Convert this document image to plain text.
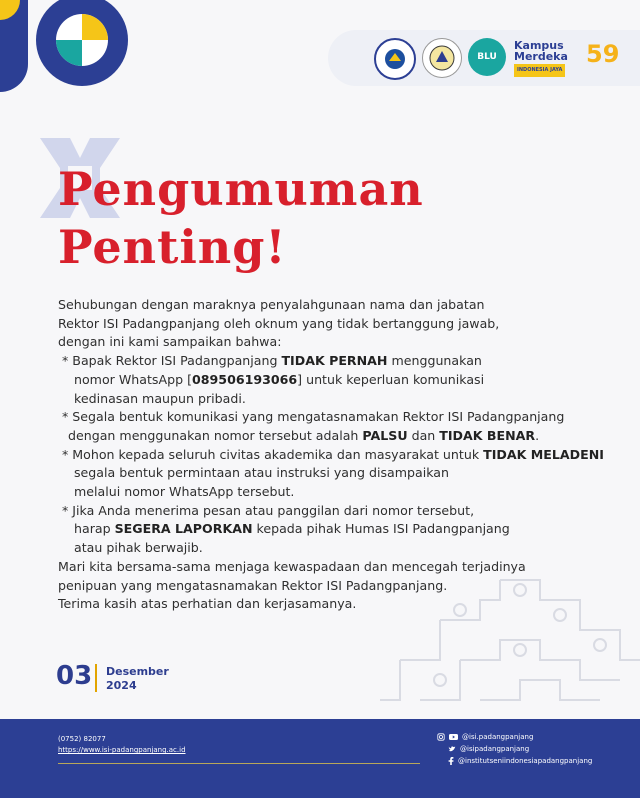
BLU
Kampus Merdeka INDONESIA JAYA
59
Pengumuman
Penting!

Sehubungan dengan maraknya penyalahgunaan nama dan jabatan

Rektor ISI Padangpanjang oleh oknum yang tidak bertanggung jawab,

dengan ini kami sampaikan bahwa:

* Bapak Rektor ISI Padangpanjang TIDAK PERNAH menggunakan

nomor WhatsApp [089506193066] untuk keperluan komunikasi

kedinasan maupun pribadi.

* Segala bentuk komunikasi yang mengatasnamakan Rektor ISI Padangpanjang

dengan menggunakan nomor tersebut adalah PALSU dan TIDAK BENAR.

* Mohon kepada seluruh civitas akademika dan masyarakat untuk TIDAK MELADENI

segala bentuk permintaan atau instruksi yang disampaikan

melalui nomor WhatsApp tersebut.

* Jika Anda menerima pesan atau panggilan dari nomor tersebut,

harap SEGERA LAPORKAN kepada pihak Humas ISI Padangpanjang

atau pihak berwajib.

Mari kita bersama-sama menjaga kewaspadaan dan mencegah terjadinya

penipuan yang mengatasnamakan Rektor ISI Padangpanjang.

Terima kasih atas perhatian dan kerjasamanya.

03 Desember
2024
(0752) 82077
https://www.isi-padangpanjang.ac.id
@isi.padangpanjang
@isipadangpanjang
@institutseniindonesiapadangpanjang
